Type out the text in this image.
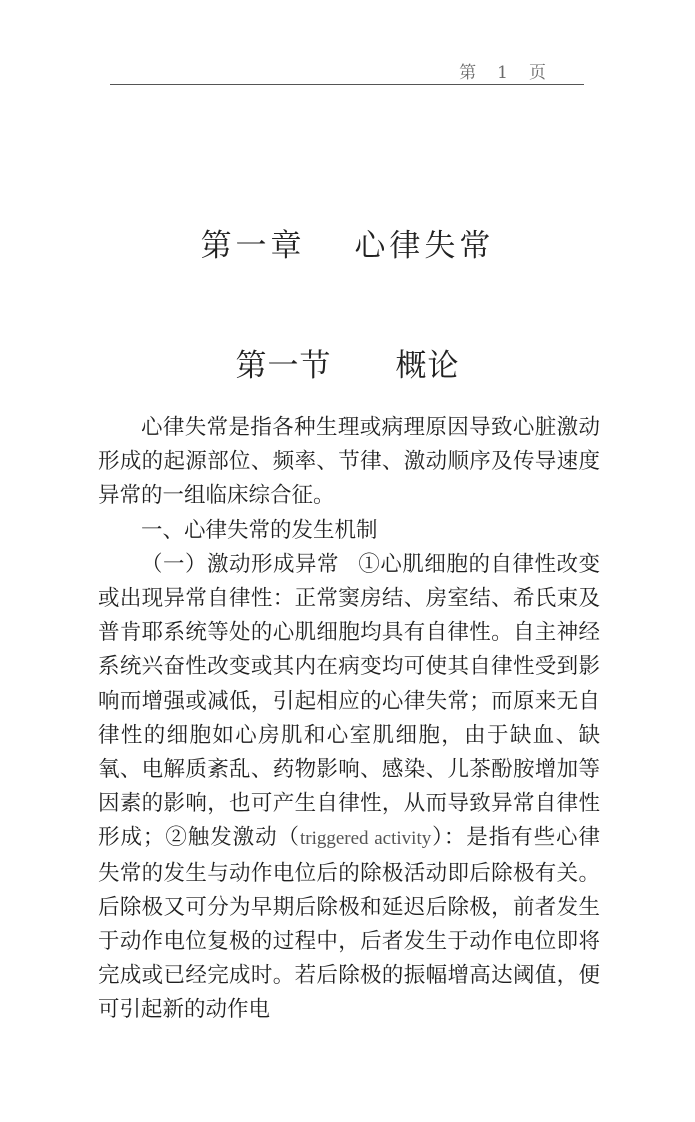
第　1　页
第一章　 心律失常
第一节　　概论

心律失常是指各种生理或病理原因导致心脏激动形成的起源部位、频率、节律、激动顺序及传导速度异常的一组临床综合征。

一、心律失常的发生机制

（一）激动形成异常 ①心肌细胞的自律性改变或出现异常自律性：正常窦房结、房室结、希氏束及普肯耶系统等处的心肌细胞均具有自律性。自主神经系统兴奋性改变或其内在病变均可使其自律性受到影响而增强或减低，引起相应的心律失常；而原来无自律性的细胞如心房肌和心室肌细胞，由于缺血、缺氧、电解质紊乱、药物影响、感染、儿茶酚胺增加等因素的影响，也可产生自律性，从而导致异常自律性形成；②触发激动（triggered activity）：是指有些心律失常的发生与动作电位后的除极活动即后除极有关。后除极又可分为早期后除极和延迟后除极，前者发生于动作电位复极的过程中，后者发生于动作电位即将完成或已经完成时。若后除极的振幅增高达阈值，便可引起新的动作电
